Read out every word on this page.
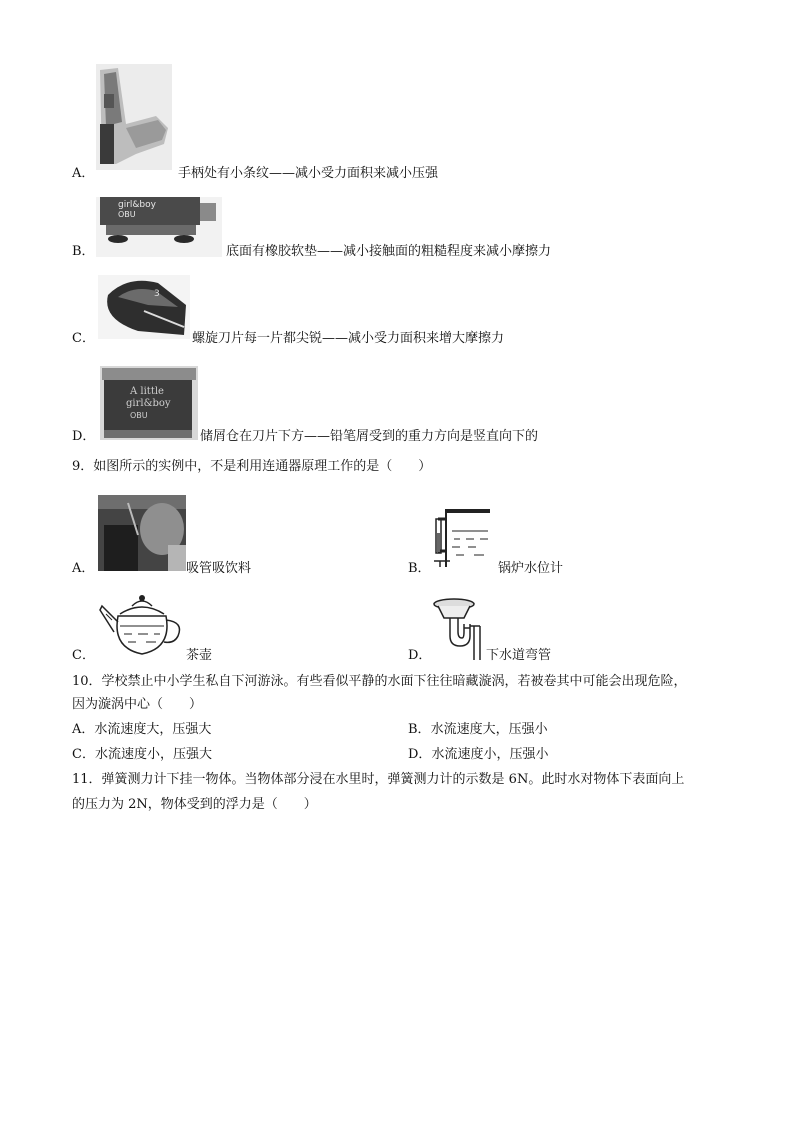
A．	手柄处有小条纹——减小受力面积来减小压强
girl&boy
OBU
B．	底面有橡胶软垫——减小接触面的粗糙程度来减小摩擦力
3
C．	螺旋刀片每一片都尖锐——减小受力面积来增大摩擦力
A little
girl&boy
OBU
D．	储屑仓在刀片下方——铅笔屑受到的重力方向是竖直向下的
9．如图所示的实例中，不是利用连通器原理工作的是（　　）
A．	吸管吸饮料	B．	锅炉水位计
C．	茶壶	D．	下水道弯管
10．学校禁止中小学生私自下河游泳。有些看似平静的水面下往往暗藏漩涡，若被卷其中可能会出现危险，
因为漩涡中心（　　）
A．水流速度大，压强大	B．水流速度大，压强小
C．水流速度小，压强大	D．水流速度小，压强小
11．弹簧测力计下挂一物体。当物体部分浸在水里时，弹簧测力计的示数是 6N。此时水对物体下表面向上
的压力为 2N，物体受到的浮力是（　　）
